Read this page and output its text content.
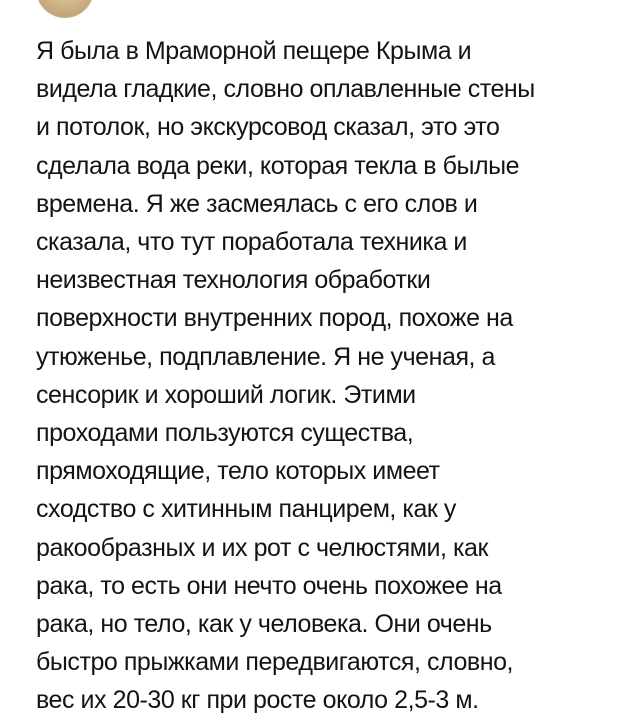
Я была в Мраморной пещере Крыма и
видела гладкие, словно оплавленные стены
и потолок, но экскурсовод сказал, это это
сделала вода реки, которая текла в былые
времена. Я же засмеялась с его слов и
сказала, что тут поработала техника и
неизвестная технология обработки
поверхности внутренних пород, похоже на
утюженье, подплавление. Я не ученая, а
сенсорик и хороший логик. Этими
проходами пользуются существа,
прямоходящие, тело которых имеет
сходство с хитинным панцирем, как у
ракообразных и их рот с челюстями, как
рака, то есть они нечто очень похожее на
рака, но тело, как у человека. Они очень
быстро прыжками передвигаются, словно,
вес их 20-30 кг при росте около 2,5-3 м.
